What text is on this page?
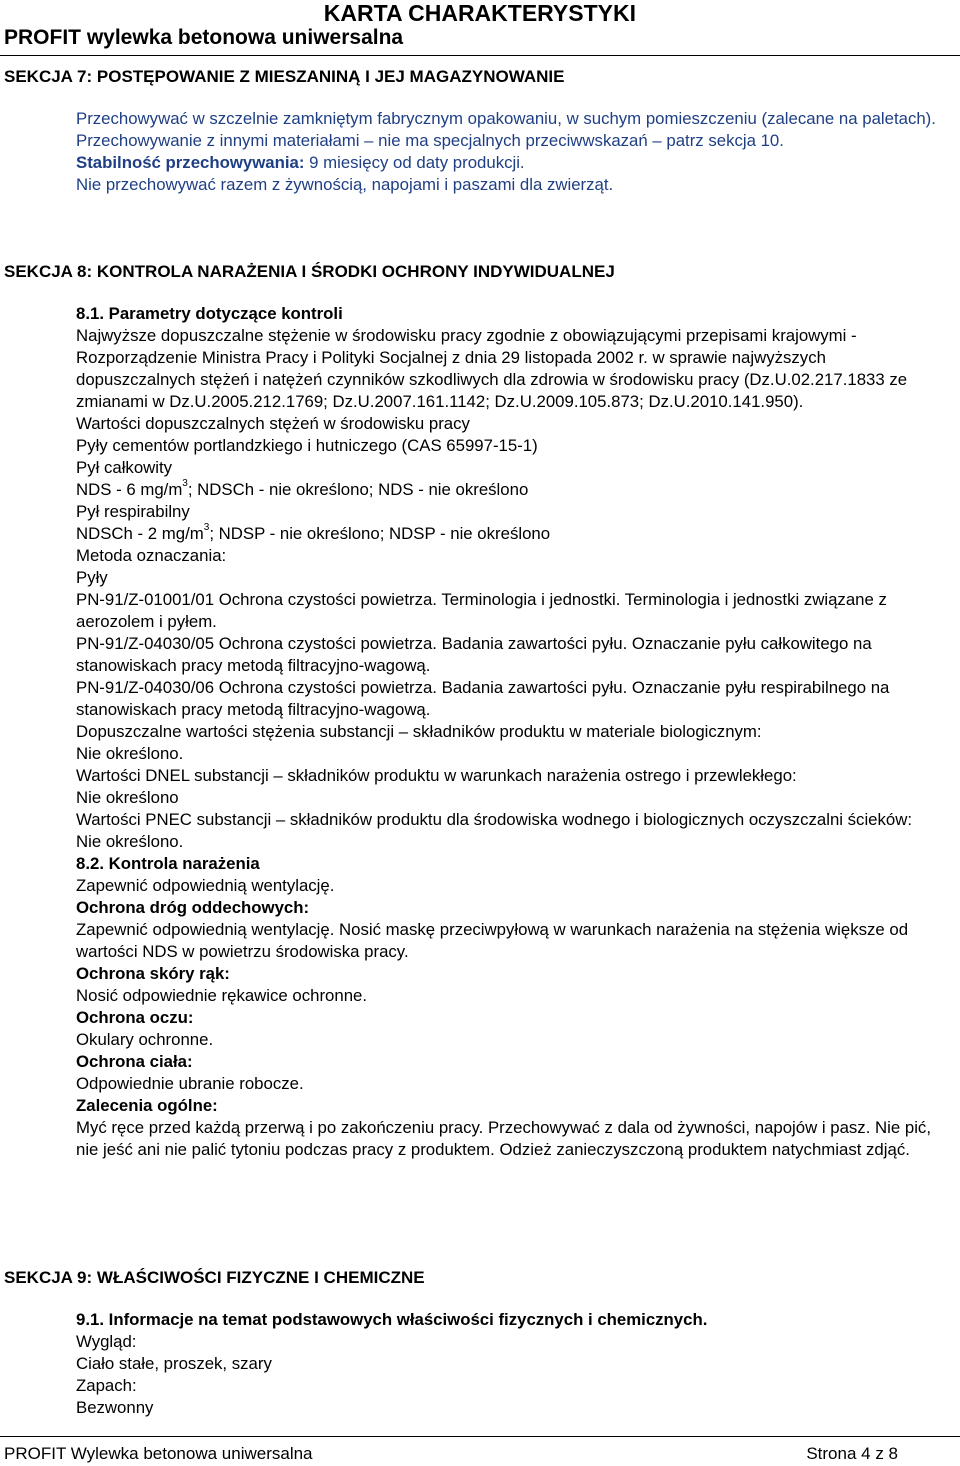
KARTA CHARAKTERYSTYKI
PROFIT wylewka betonowa uniwersalna
SEKCJA 7: POSTĘPOWANIE Z MIESZANINĄ I JEJ MAGAZYNOWANIE

Przechowywać w szczelnie zamkniętym fabrycznym opakowaniu, w suchym pomieszczeniu (zalecane na paletach).

Przechowywanie z innymi materiałami – nie ma specjalnych przeciwwskazań – patrz sekcja 10.

Stabilność przechowywania: 9 miesięcy od daty produkcji.

Nie przechowywać razem z żywnością, napojami i paszami dla zwierząt.

SEKCJA 8: KONTROLA NARAŻENIA I ŚRODKI OCHRONY INDYWIDUALNEJ

8.1. Parametry dotyczące kontroli

Najwyższe dopuszczalne stężenie w środowisku pracy zgodnie z obowiązującymi przepisami krajowymi - Rozporządzenie Ministra Pracy i Polityki Socjalnej z dnia 29 listopada 2002 r. w sprawie najwyższych dopuszczalnych stężeń i natężeń czynników szkodliwych dla zdrowia w środowisku pracy (Dz.U.02.217.1833 ze zmianami w Dz.U.2005.212.1769; Dz.U.2007.161.1142; Dz.U.2009.105.873; Dz.U.2010.141.950).

Wartości dopuszczalnych stężeń w środowisku pracy

Pyły cementów portlandzkiego i hutniczego (CAS 65997-15-1)

Pył całkowity

NDS - 6 $mg/m^3$; NDSCh - nie określono; NDS - nie określono

Pył respirabilny

NDSCh - 2 $mg/m^3$; NDSP - nie określono; NDSP - nie określono

Metoda oznaczania:

Pyły

PN-91/Z-01001/01 Ochrona czystości powietrza. Terminologia i jednostki. Terminologia i jednostki związane z aerozolem i pyłem.

PN-91/Z-04030/05 Ochrona czystości powietrza. Badania zawartości pyłu. Oznaczanie pyłu całkowitego na stanowiskach pracy metodą filtracyjno-wagową.

PN-91/Z-04030/06 Ochrona czystości powietrza. Badania zawartości pyłu. Oznaczanie pyłu respirabilnego na stanowiskach pracy metodą filtracyjno-wagową.

Dopuszczalne wartości stężenia substancji – składników produktu w materiale biologicznym:

Nie określono.

Wartości DNEL substancji – składników produktu w warunkach narażenia ostrego i przewlekłego:

Nie określono

Wartości PNEC substancji – składników produktu dla środowiska wodnego i biologicznych oczyszczalni ścieków:

Nie określono.

8.2. Kontrola narażenia

Zapewnić odpowiednią wentylację.

Ochrona dróg oddechowych:

Zapewnić odpowiednią wentylację. Nosić maskę przeciwpyłową w warunkach narażenia na stężenia większe od wartości NDS w powietrzu środowiska pracy.

Ochrona skóry rąk:

Nosić odpowiednie rękawice ochronne.

Ochrona oczu:

Okulary ochronne.

Ochrona ciała:

Odpowiednie ubranie robocze.

Zalecenia ogólne:

Myć ręce przed każdą przerwą i po zakończeniu pracy. Przechowywać z dala od żywności, napojów i pasz. Nie pić, nie jeść ani nie palić tytoniu podczas pracy z produktem. Odzież zanieczyszczoną produktem natychmiast zdjąć.

SEKCJA 9: WŁAŚCIWOŚCI FIZYCZNE I CHEMICZNE

9.1. Informacje na temat podstawowych właściwości fizycznych i chemicznych.

Wygląd:

Ciało stałe, proszek, szary

Zapach:

Bezwonny

PROFIT Wylewka betonowa uniwersalna	Strona 4 z 8
